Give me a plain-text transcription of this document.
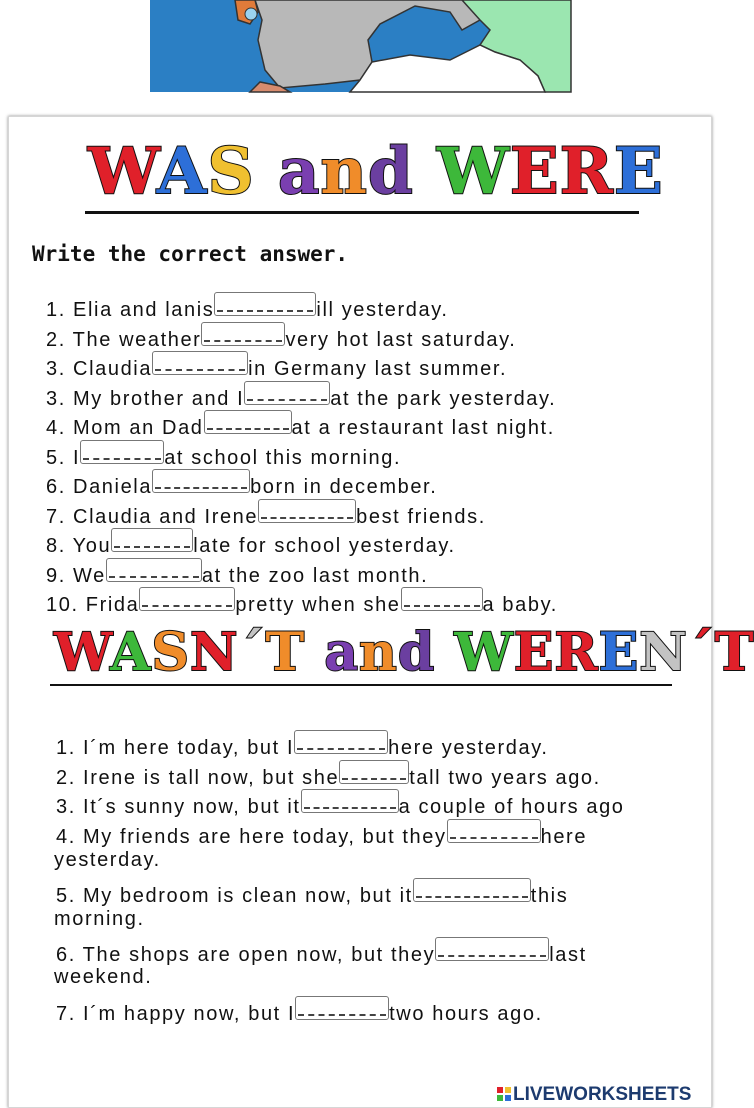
WAS and WERE
Write the correct answer.
1. Elia and lanis	ill yesterday.
2. The weather	very hot last saturday.
3. Claudia	in Germany last summer.
3. My brother and I	at the park yesterday.
4. Mom an Dad	at a restaurant last night.
5. I	at school this morning.
6. Daniela	born in december.
7. Claudia and Irene	best friends.
8. You	late for school yesterday.
9. We	at the zoo last month.
10. Frida	pretty when she	a baby.
WASN´T and WEREN´T
1. I´m here today, but I	here yesterday.
2. Irene is tall now, but she	tall two years ago.
3. It´s sunny now, but it	a couple of hours ago
4. My friends are here today, but they	here
yesterday.
5. My bedroom is clean now, but it	this
morning.
6. The shops are open now, but they	last
weekend.
7. I´m happy now, but I	two hours ago.
LIVEWORKSHEETS
